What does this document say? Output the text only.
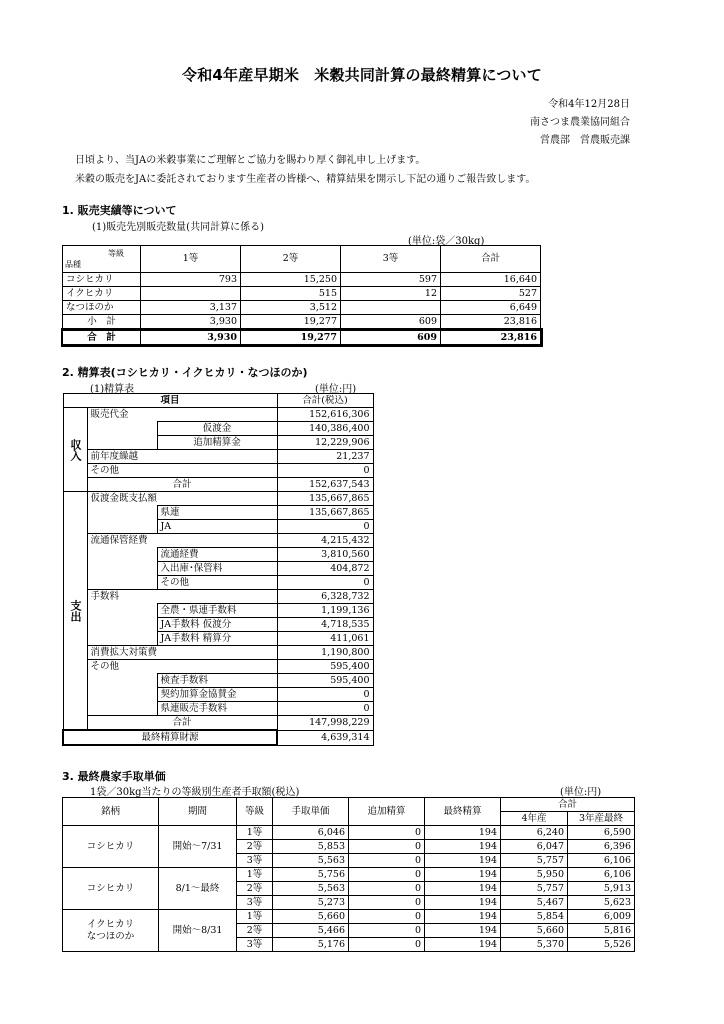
令和4年産早期米　米穀共同計算の最終精算について
令和4年12月28日
南さつま農業協同組合
営農部　営農販売課
日頃より、当JAの米穀事業にご理解とご協力を賜わり厚く御礼申し上げます。
米穀の販売をJAに委託されております生産者の皆様へ、精算結果を開示し下記の通りご報告致します。
1. 販売実績等について
(1)販売先別販売数量(共同計算に係る)
(単位:袋／30kg)
等級
品種	1等	2等	3等	合計
コシヒカリ	793	15,250	597	16,640
イクヒカリ		515	12	527
なつほのか	3,137	3,512		6,649
小　計	3,930	19,277	609	23,816
合　計	3,930	19,277	609	23,816
2. 精算表(コシヒカリ・イクヒカリ・なつほのか)
(1)精算表	(単位:円)
項目			合計(税込)
収入	販売代金		152,616,306
		仮渡金	140,386,400
		追加精算金	12,229,906
	前年度繰越		21,237
	その他		0
	合計		152,637,543
支出	仮渡金既支払額		135,667,865
		県連	135,667,865
		JA	0
	流通保管経費		4,215,432
		流通経費	3,810,560
		入出庫･保管料	404,872
		その他	0
	手数料		6,328,732
		全農・県連手数料	1,199,136
		JA手数料 仮渡分	4,718,535
		JA手数料 精算分	411,061
	消費拡大対策費		1,190,800
	その他		595,400
		検査手数料	595,400
		契約加算金協賛金	0
		県連販売手数料	0
	合計		147,998,229
最終精算財源			4,639,314
3. 最終農家手取単価
1袋／30kg当たりの等級別生産者手取額(税込)	(単位:円)
銘柄	期間	等級	手取単価	追加精算	最終精算	合計	
						4年産	3年産最終

コシヒカリ	開始～7/31	1等	6,046	0	194	6,240	6,590
		2等	5,853	0	194	6,047	6,396
		3等	5,563	0	194	5,757	6,106

コシヒカリ	8/1～最終	1等	5,756	0	194	5,950	6,106
		2等	5,563	0	194	5,757	5,913
		3等	5,273	0	194	5,467	5,623

イクヒカリ
なつほのか	開始～8/31	1等	5,660	0	194	5,854	6,009
		2等	5,466	0	194	5,660	5,816
		3等	5,176	0	194	5,370	5,526
